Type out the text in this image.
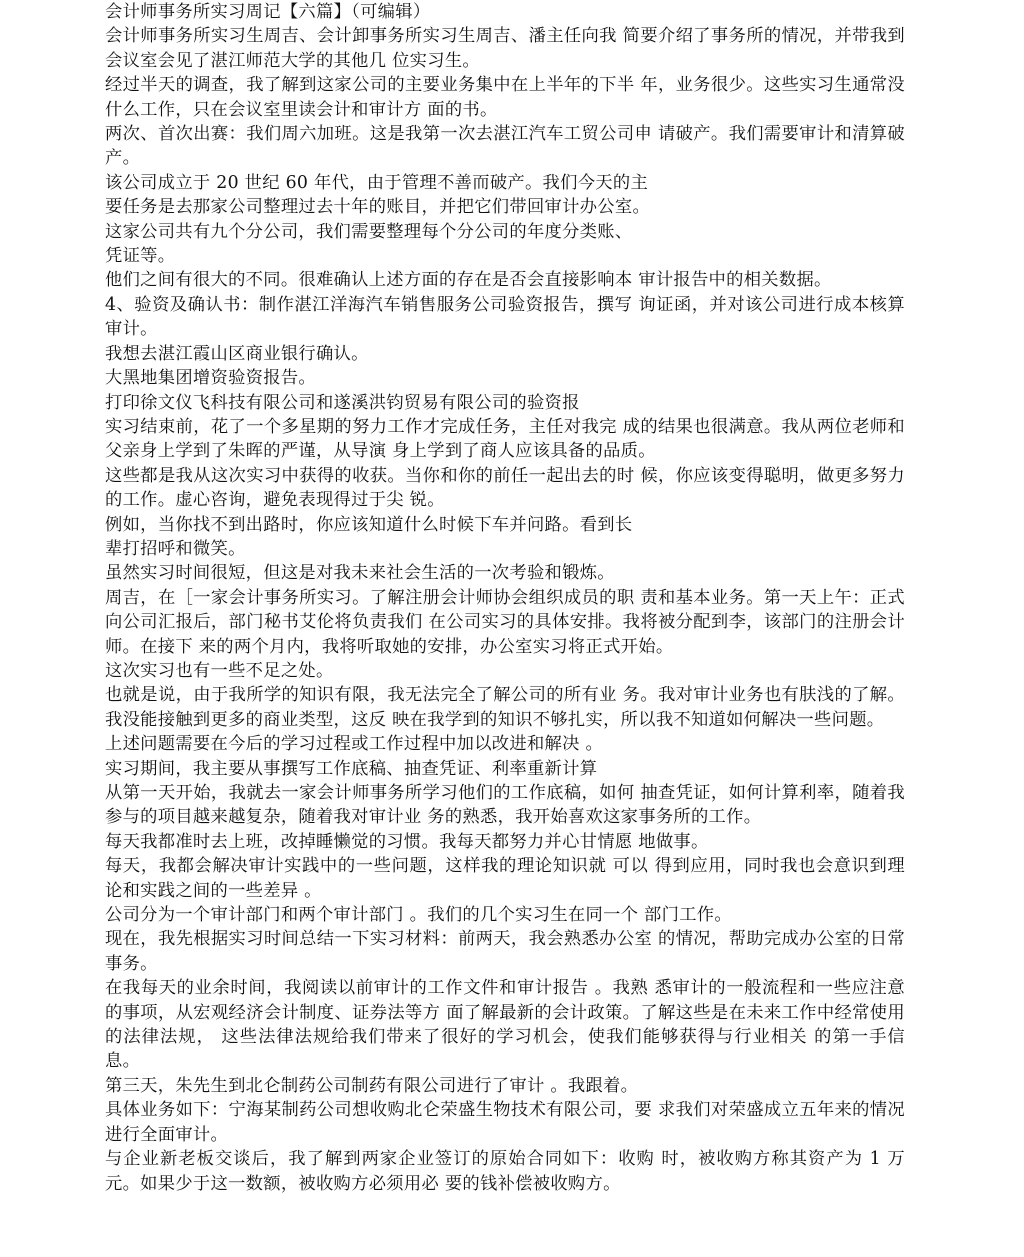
会计师事务所实习周记【六篇】（可编辑）

会计师事务所实习生周吉、会计卸事务所实习生周吉、潘主任向我 简要介绍了事务所的情况，并带我到会议室会见了湛江师范大学的其他几 位实习生。

经过半天的调查，我了解到这家公司的主要业务集中在上半年的下半 年，业务很少。这些实习生通常没什么工作，只在会议室里读会计和审计方 面的书。

两次、首次出赛：我们周六加班。这是我第一次去湛江汽车工贸公司申 请破产。我们需要审计和清算破产。

该公司成立于 20 世纪 60 年代，由于管理不善而破产。我们今天的主

要任务是去那家公司整理过去十年的账目，并把它们带回审计办公室。

这家公司共有九个分公司，我们需要整理每个分公司的年度分类账、

凭证等。

他们之间有很大的不同。很难确认上述方面的存在是否会直接影响本 审计报告中的相关数据。

4、验资及确认书：制作湛江洋海汽车销售服务公司验资报告，撰写 询证函，并对该公司进行成本核算审计。

我想去湛江霞山区商业银行确认。

大黑地集团增资验资报告。

打印徐文仪飞科技有限公司和遂溪洪钧贸易有限公司的验资报

实习结束前，花了一个多星期的努力工作才完成任务，主任对我完 成的结果也很满意。我从两位老师和父亲身上学到了朱晖的严谨，从导演 身上学到了商人应该具备的品质。

这些都是我从这次实习中获得的收获。当你和你的前任一起出去的时 候，你应该变得聪明，做更多努力的工作。虚心咨询，避免表现得过于尖 锐。

例如，当你找不到出路时，你应该知道什么时候下车并问路。看到长

辈打招呼和微笑。

虽然实习时间很短，但这是对我未来社会生活的一次考验和锻炼。

周吉，在［一家会计事务所实习。了解注册会计师协会组织成员的职 责和基本业务。第一天上午：正式向公司汇报后，部门秘书艾伦将负责我们 在公司实习的具体安排。我将被分配到李，该部门的注册会计师。在接下 来的两个月内，我将听取她的安排，办公室实习将正式开始。

这次实习也有一些不足之处。

也就是说，由于我所学的知识有限，我无法完全了解公司的所有业 务。我对审计业务也有肤浅的了解。我没能接触到更多的商业类型，这反 映在我学到的知识不够扎实，所以我不知道如何解决一些问题。

上述问题需要在今后的学习过程或工作过程中加以改进和解决 。

实习期间，我主要从事撰写工作底稿、抽查凭证、利率重新计算

从第一天开始，我就去一家会计师事务所学习他们的工作底稿，如何 抽查凭证，如何计算利率，随着我参与的项目越来越复杂，随着我对审计业 务的熟悉，我开始喜欢这家事务所的工作。

每天我都准时去上班，改掉睡懒觉的习惯。我每天都努力并心甘情愿 地做事。

每天，我都会解决审计实践中的一些问题，这样我的理论知识就 可以 得到应用，同时我也会意识到理论和实践之间的一些差异 。

公司分为一个审计部门和两个审计部门 。我们的几个实习生在同一个 部门工作。

现在，我先根据实习时间总结一下实习材料：前两天，我会熟悉办公室 的情况，帮助完成办公室的日常事务。

在我每天的业余时间，我阅读以前审计的工作文件和审计报告 。我熟 悉审计的一般流程和一些应注意的事项，从宏观经济会计制度、证券法等方 面了解最新的会计政策。了解这些是在未来工作中经常使用的法律法规， 这些法律法规给我们带来了很好的学习机会，使我们能够获得与行业相关 的第一手信息。

第三天，朱先生到北仑制药公司制药有限公司进行了审计 。我跟着。

具体业务如下：宁海某制药公司想收购北仑荣盛生物技术有限公司，要 求我们对荣盛成立五年来的情况进行全面审计。

与企业新老板交谈后，我了解到两家企业签订的原始合同如下：收购 时，被收购方称其资产为 1 万元。如果少于这一数额，被收购方必须用必 要的钱补偿被收购方。
